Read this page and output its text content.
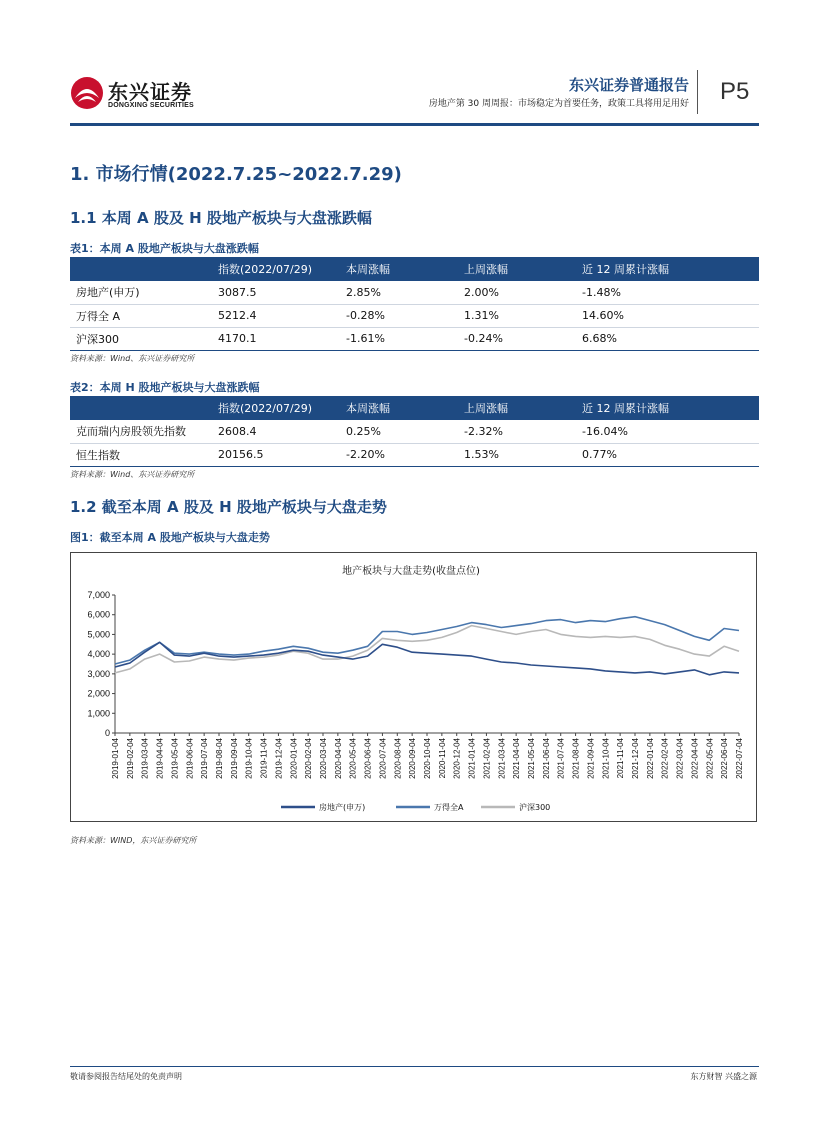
东兴证券
DONGXING SECURITIES
东兴证券普通报告
房地产第 30 周周报：市场稳定为首要任务，政策工具将用足用好 P5
1. 市场行情(2022.7.25~2022.7.29)
1.1 本周 A 股及 H 股地产板块与大盘涨跌幅
表1：本周 A 股地产板块与大盘涨跌幅
	指数(2022/07/29)	本周涨幅	上周涨幅	近 12 周累计涨幅
房地产(申万)	3087.5	2.85%	2.00%	-1.48%
万得全 A	5212.4	-0.28%	1.31%	14.60%
沪深300	4170.1	-1.61%	-0.24%	6.68%
资料来源：Wind、东兴证券研究所
表2：本周 H 股地产板块与大盘涨跌幅
	指数(2022/07/29)	本周涨幅	上周涨幅	近 12 周累计涨幅
克而瑞内房股领先指数	2608.4	0.25%	-2.32%	-16.04%
恒生指数	20156.5	-2.20%	1.53%	0.77%
资料来源：Wind、东兴证券研究所
1.2 截至本周 A 股及 H 股地产板块与大盘走势
图1：截至本周 A 股地产板块与大盘走势
地产板块与大盘走势(收盘点位)
0
1,000
2,000
3,000
4,000
5,000
6,000
7,000
2019-01-04 2019-02-04 2019-03-04 2019-04-04 2019-05-04 2019-06-04 2019-07-04 2019-08-04 2019-09-04 2019-10-04 2019-11-04 2019-12-04 2020-01-04 2020-02-04 2020-03-04 2020-04-04 2020-05-04 2020-06-04 2020-07-04 2020-08-04 2020-09-04 2020-10-04 2020-11-04 2020-12-04 2021-01-04 2021-02-04 2021-03-04 2021-04-04 2021-05-04 2021-06-04 2021-07-04 2021-08-04 2021-09-04 2021-10-04 2021-11-04 2021-12-04 2022-01-04 2022-02-04 2022-03-04 2022-04-04 2022-05-04 2022-06-04 2022-07-04
房地产(申万)	万得全A	沪深300
资料来源：WIND，东兴证券研究所
敬请参阅报告结尾处的免责声明	东方财智 兴盛之源
